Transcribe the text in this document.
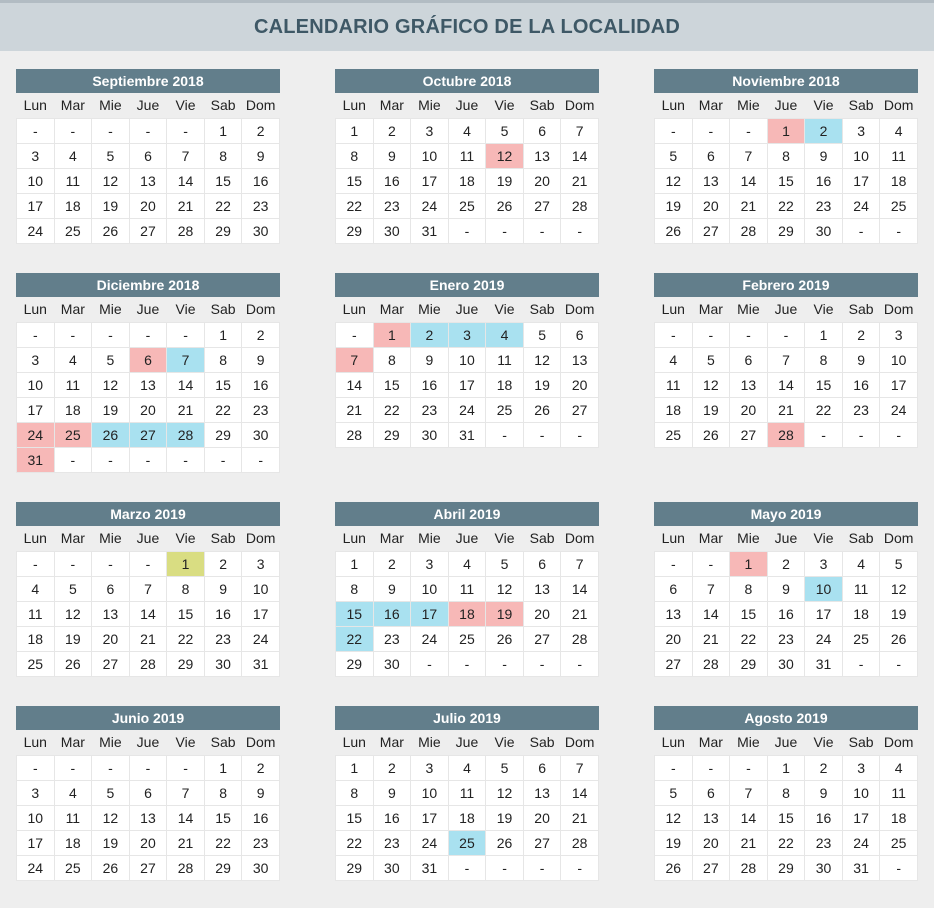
CALENDARIO GRÁFICO DE LA LOCALIDAD
Septiembre 2018
Lun	Mar	Mie	Jue	Vie	Sab	Dom
-	-	-	-	-	1	2
3	4	5	6	7	8	9
10	11	12	13	14	15	16
17	18	19	20	21	22	23
24	25	26	27	28	29	30
Octubre 2018
Lun	Mar	Mie	Jue	Vie	Sab	Dom
1	2	3	4	5	6	7
8	9	10	11	12	13	14
15	16	17	18	19	20	21
22	23	24	25	26	27	28
29	30	31	-	-	-	-
Noviembre 2018
Lun	Mar	Mie	Jue	Vie	Sab	Dom
-	-	-	1	2	3	4
5	6	7	8	9	10	11
12	13	14	15	16	17	18
19	20	21	22	23	24	25
26	27	28	29	30	-	-
Diciembre 2018
Lun	Mar	Mie	Jue	Vie	Sab	Dom
-	-	-	-	-	1	2
3	4	5	6	7	8	9
10	11	12	13	14	15	16
17	18	19	20	21	22	23
24	25	26	27	28	29	30
31	-	-	-	-	-	-
Enero 2019
Lun	Mar	Mie	Jue	Vie	Sab	Dom
-	1	2	3	4	5	6
7	8	9	10	11	12	13
14	15	16	17	18	19	20
21	22	23	24	25	26	27
28	29	30	31	-	-	-
Febrero 2019
Lun	Mar	Mie	Jue	Vie	Sab	Dom
-	-	-	-	1	2	3
4	5	6	7	8	9	10
11	12	13	14	15	16	17
18	19	20	21	22	23	24
25	26	27	28	-	-	-
Marzo 2019
Lun	Mar	Mie	Jue	Vie	Sab	Dom
-	-	-	-	1	2	3
4	5	6	7	8	9	10
11	12	13	14	15	16	17
18	19	20	21	22	23	24
25	26	27	28	29	30	31
Abril 2019
Lun	Mar	Mie	Jue	Vie	Sab	Dom
1	2	3	4	5	6	7
8	9	10	11	12	13	14
15	16	17	18	19	20	21
22	23	24	25	26	27	28
29	30	-	-	-	-	-
Mayo 2019
Lun	Mar	Mie	Jue	Vie	Sab	Dom
-	-	1	2	3	4	5
6	7	8	9	10	11	12
13	14	15	16	17	18	19
20	21	22	23	24	25	26
27	28	29	30	31	-	-
Junio 2019
Lun	Mar	Mie	Jue	Vie	Sab	Dom
-	-	-	-	-	1	2
3	4	5	6	7	8	9
10	11	12	13	14	15	16
17	18	19	20	21	22	23
24	25	26	27	28	29	30
Julio 2019
Lun	Mar	Mie	Jue	Vie	Sab	Dom
1	2	3	4	5	6	7
8	9	10	11	12	13	14
15	16	17	18	19	20	21
22	23	24	25	26	27	28
29	30	31	-	-	-	-
Agosto 2019
Lun	Mar	Mie	Jue	Vie	Sab	Dom
-	-	-	1	2	3	4
5	6	7	8	9	10	11
12	13	14	15	16	17	18
19	20	21	22	23	24	25
26	27	28	29	30	31	-
